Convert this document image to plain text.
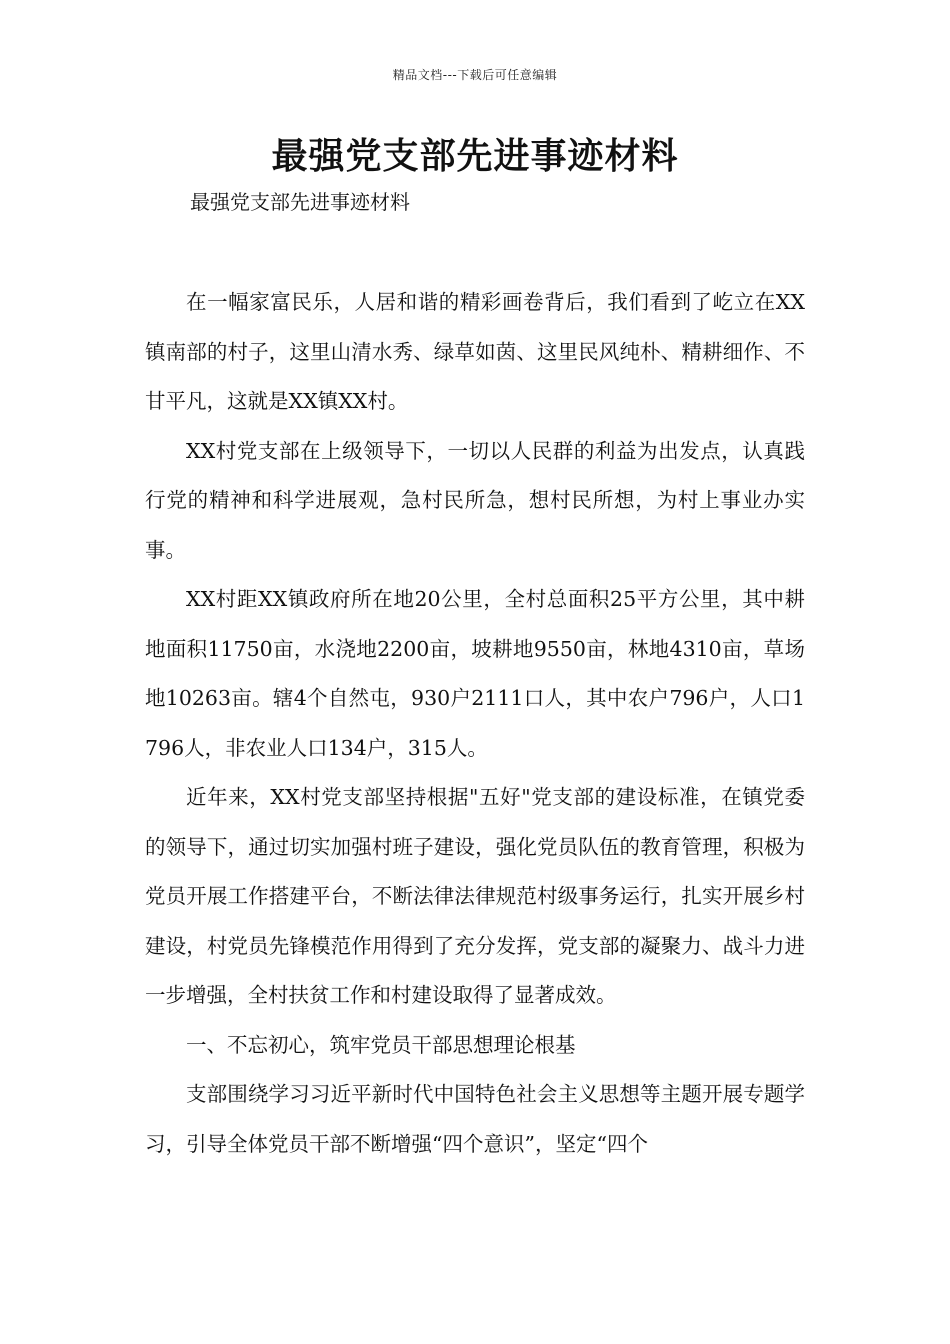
精品文档---下载后可任意编辑
最强党支部先进事迹材料

最强党支部先进事迹材料

在一幅家富民乐，人居和谐的精彩画卷背后，我们看到了屹立在XX镇南部的村子，这里山清水秀、绿草如茵、这里民风纯朴、精耕细作、不甘平凡，这就是XX镇XX村。

XX村党支部在上级领导下，一切以人民群的利益为出发点，认真践行党的精神和科学进展观，急村民所急，想村民所想，为村上事业办实事。

XX村距XX镇政府所在地20公里，全村总面积25平方公里，其中耕地面积11750亩，水浇地2200亩，坡耕地9550亩，林地4310亩，草场地10263亩。辖4个自然屯，930户2111口人，其中农户796户，人口1796人，非农业人口134户，315人。

近年来，XX村党支部坚持根据"五好"党支部的建设标准，在镇党委的领导下，通过切实加强村班子建设，强化党员队伍的教育管理，积极为党员开展工作搭建平台，不断法律法律规范村级事务运行，扎实开展乡村建设，村党员先锋模范作用得到了充分发挥，党支部的凝聚力、战斗力进一步增强，全村扶贫工作和村建设取得了显著成效。

一、不忘初心，筑牢党员干部思想理论根基

支部围绕学习习近平新时代中国特色社会主义思想等主题开展专题学习，引导全体党员干部不断增强“四个意识”，坚定“四个
